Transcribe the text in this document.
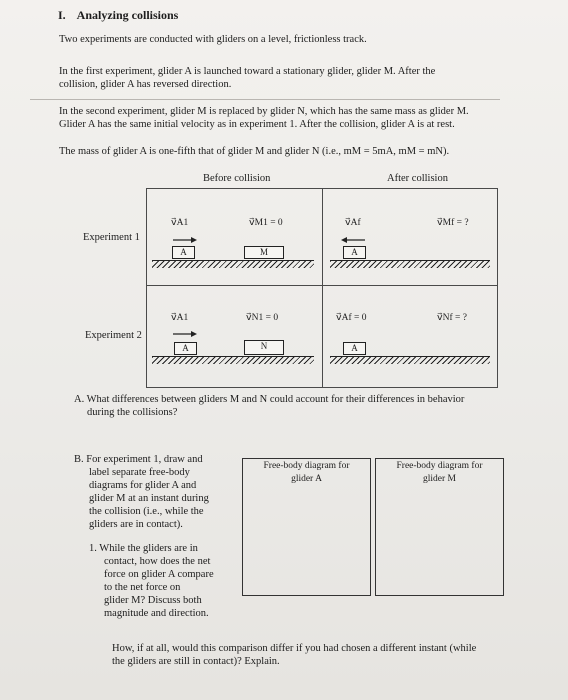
I. Analyzing collisions
Two experiments are conducted with gliders on a level, frictionless track.
In the first experiment, glider A is launched toward a stationary glider, glider M. After the
collision, glider A has reversed direction.
In the second experiment, glider M is replaced by glider N, which has the same mass as glider M.
Glider A has the same initial velocity as in experiment 1. After the collision, glider A is at rest.
The mass of glider A is one-fifth that of glider M and glider N (i.e., mM = 5mA, mM = mN).
Before collision	After collision
Experiment 1
Experiment 2
v⃗A1	v⃗M1 = 0
A	M
v⃗Af	v⃗Mf = ?
A
v⃗A1	v⃗N1 = 0
A	N
v⃗Af = 0	v⃗Nf = ?
A
A. What differences between gliders M and N could account for their differences in behavior
during the collisions?
B. For experiment 1, draw and
label separate free-body
diagrams for glider A and
glider M at an instant during
the collision (i.e., while the
gliders are in contact).
Free-body diagram for
glider A
Free-body diagram for
glider M
1. While the gliders are in
contact, how does the net
force on glider A compare
to the net force on
glider M? Discuss both
magnitude and direction.
How, if at all, would this comparison differ if you had chosen a different instant (while
the gliders are still in contact)? Explain.
